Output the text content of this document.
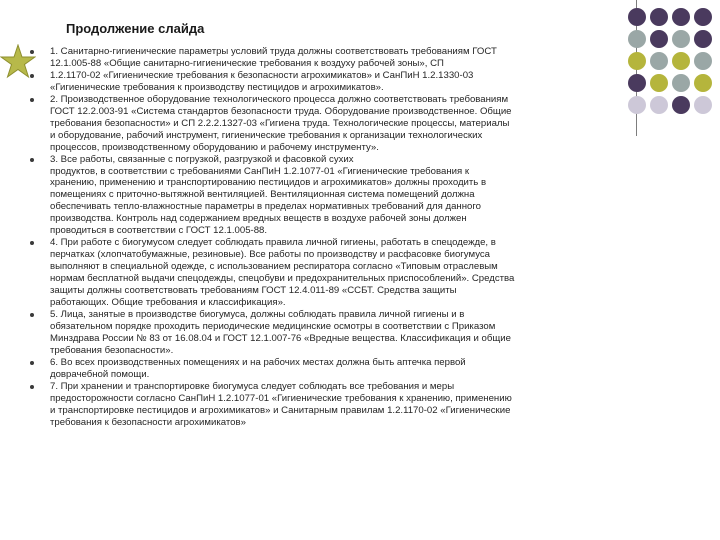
Продолжение слайда
1. Санитарно-гигиенические параметры условий труда должны соответствовать требованиям ГОСТ
12.1.005-88 «Общие санитарно-гигиенические требования к воздуху рабочей зоны», СП
1.2.1170-02 «Гигиенические требования к безопасности агрохимикатов» и СанПиН 1.2.1330-03
«Гигиенические требования к производству пестицидов и агрохимикатов».
2. Производственное оборудование технологического процесса должно соответствовать требованиям
ГОСТ 12.2.003-91 «Система стандартов безопасности труда. Оборудование производственное. Общие
требования безопасности» и СП 2.2.2.1327-03 «Гигиена труда. Технологические процессы, материалы
и оборудование, рабочий инструмент, гигиенические требования к организации технологических
процессов, производственному оборудованию и рабочему инструменту».
3. Все работы, связанные с погрузкой, разгрузкой и фасовкой сухих
продуктов, в соответствии с требованиями СанПиН 1.2.1077-01 «Гигиенические требования к
хранению, применению и транспортированию пестицидов и агрохимикатов» должны проходить в
помещениях с приточно-вытяжной вентиляцией. Вентиляционная система помещений должна
обеспечивать тепло-влажностные параметры в пределах нормативных требований для данного
производства. Контроль над содержанием вредных веществ в воздухе рабочей зоны должен
проводиться в соответствии с ГОСТ 12.1.005-88.
4. При работе с биогумусом следует соблюдать правила личной гигиены, работать в спецодежде, в
перчатках (хлопчатобумажные, резиновые). Все работы по производству и расфасовке биогумуса
выполняют в специальной одежде, с использованием респиратора согласно «Типовым отраслевым
нормам бесплатной выдачи спецодежды, спецобуви и предохранительных приспособлений». Средства
защиты должны соответствовать требованиям ГОСТ 12.4.011-89 «ССБТ. Средства защиты
работающих. Общие требования и классификация».
5. Лица, занятые в производстве биогумуса, должны соблюдать правила личной гигиены и в
обязательном порядке проходить периодические медицинские осмотры в соответствии с Приказом
Минздрава России № 83 от 16.08.04 и ГОСТ 12.1.007-76 «Вредные вещества. Классификация и общие
требования безопасности».
6. Во всех производственных помещениях и на рабочих местах должна быть аптечка первой
доврачебной помощи.
7. При хранении и транспортировке биогумуса следует соблюдать все требования и меры
предосторожности согласно СанПиН 1.2.1077-01 «Гигиенические требования к хранению, применению
и транспортировке пестицидов и агрохимикатов» и Санитарным правилам 1.2.1170-02 «Гигиенические
требования к безопасности агрохимикатов»
